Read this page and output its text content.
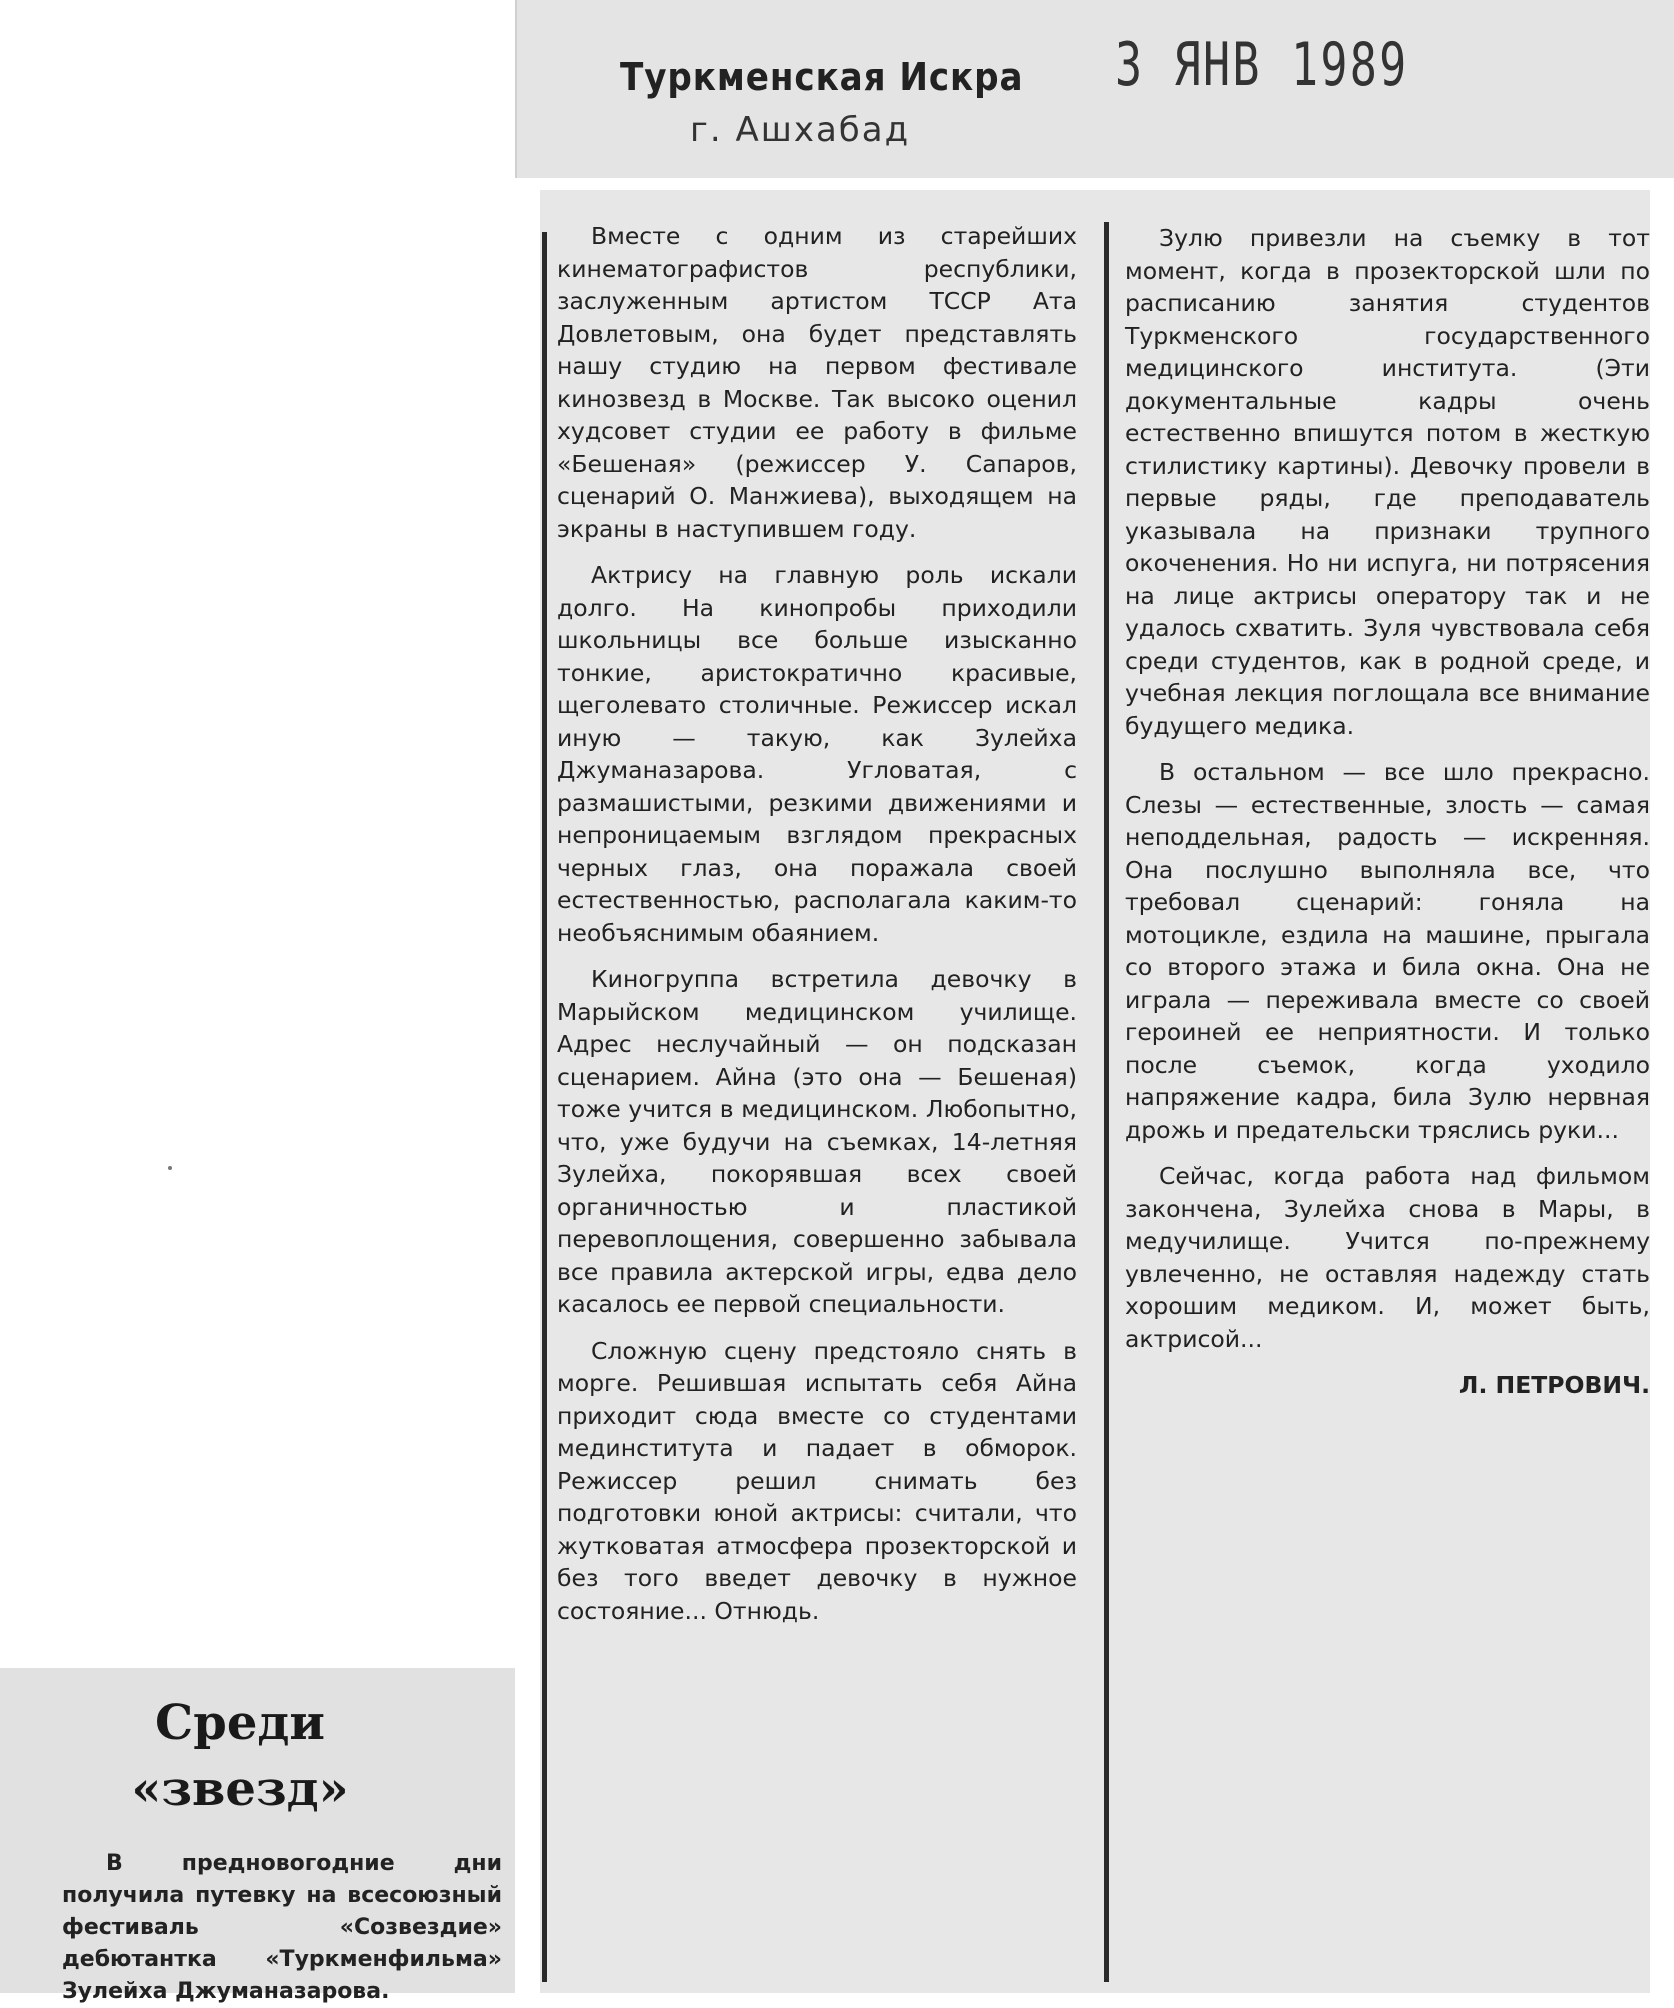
Туркменская Искра
г. Ашхабад
3 ЯНВ 1989

Вместе с одним из старейших кинематографистов республики, заслуженным артистом ТССР Ата Довлетовым, она будет представлять нашу студию на первом фестивале кинозвезд в Москве. Так высоко оценил худсовет студии ее работу в фильме «Бешеная» (режиссер У. Сапаров, сценарий О. Манжиева), выходящем на экраны в наступившем году.

Актрису на главную роль искали долго. На кинопробы приходили школьницы все больше изысканно тонкие, аристократично красивые, щеголевато столичные. Режиссер искал иную — такую, как Зулейха Джуманазарова. Угловатая, с размашистыми, резкими движениями и непроницаемым взглядом прекрасных черных глаз, она поражала своей естественностью, располагала каким-то необъяснимым обаянием.

Киногруппа встретила девочку в Марыйском медицинском училище. Адрес неслучайный — он подсказан сценарием. Айна (это она — Бешеная) тоже учится в медицинском. Любопытно, что, уже будучи на съемках, 14-летняя Зулейха, покорявшая всех своей органичностью и пластикой перевоплощения, совершенно забывала все правила актерской игры, едва дело касалось ее первой специальности.

Сложную сцену предстояло снять в морге. Решившая испытать себя Айна приходит сюда вместе со студентами мединститута и падает в обморок. Режиссер решил снимать без подготовки юной актрисы: считали, что жутковатая атмосфера прозекторской и без того введет девочку в нужное состояние... Отнюдь.

Зулю привезли на съемку в тот момент, когда в прозекторской шли по расписанию занятия студентов Туркменского государственного медицинского института. (Эти документальные кадры очень естественно впишутся потом в жесткую стилистику картины). Девочку провели в первые ряды, где преподаватель указывала на признаки трупного окоченения. Но ни испуга, ни потрясения на лице актрисы оператору так и не удалось схватить. Зуля чувствовала себя среди студентов, как в родной среде, и учебная лекция поглощала все внимание будущего медика.

В остальном — все шло прекрасно. Слезы — естественные, злость — самая неподдельная, радость — искренняя. Она послушно выполняла все, что требовал сценарий: гоняла на мотоцикле, ездила на машине, прыгала со второго этажа и била окна. Она не играла — переживала вместе со своей героиней ее неприятности. И только после съемок, когда уходило напряжение кадра, била Зулю нервная дрожь и предательски тряслись руки...

Сейчас, когда работа над фильмом закончена, Зулейха снова в Мары, в медучилище. Учится по-прежнему увлеченно, не оставляя надежду стать хорошим медиком. И, может быть, актрисой...

Л. ПЕТРОВИЧ.

Среди
«звезд»

В предновогодние дни получила путевку на всесоюзный фестиваль «Созвездие» дебютантка «Туркменфильма» Зулейха Джуманазарова.
